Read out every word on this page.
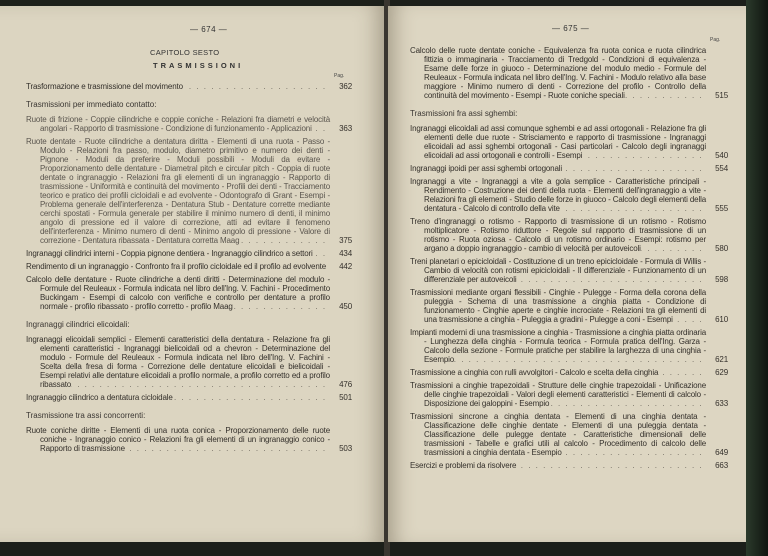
— 674 —
CAPITOLO SESTO
TRASMISSIONI
Pag.
Trasformazione e trasmissione del movimento	362
. . .
Trasmissioni per immediato contatto:
Ruote di frizione - Coppie cilindriche e coppie coniche - Relazioni fra diametri e velocità angolari - Rapporto di trasmissione - Condizione di funzionamento - Applicazioni	363
. . .
Ruote dentate - Ruote cilindriche a dentatura diritta - Elementi di una ruota - Passo - Modulo - Relazioni fra passo, modulo, diametro primitivo e numero dei denti - Pignone - Moduli da preferire - Moduli possibili - Moduli da evitare - Proporzionamento delle dentature - Diametral pitch e circular pitch - Coppia di ruote dentate o ingranaggio - Relazioni fra gli elementi di un ingranaggio - Rapporto di trasmissione - Uniformità e continuità del movimento - Profili dei denti - Tracciamento teorico e pratico dei profili cicloidali e ad evolvente - Odontografo di Grant - Esempi - Problema generale dell'interferenza - Dentatura Stub - Dentature corrette mediante cerchi spostati - Formula generale per stabilire il minimo numero di denti, il minimo angolo di pressione ed il valore di correzione, atti ad evitare il fenomeno dell'interferenza - Minimo numero di denti - Minimo angolo di pressione - Valore di correzione - Dentatura ribassata - Dentatura corretta Maag	375
. . .
Ingranaggi cilindrici interni - Coppia pignone dentiera - Ingranaggio cilindrico a settori	434
. . .
Rendimento di un ingranaggio - Confronto fra il profilo cicloidale ed il profilo ad evolvente	442
. . .
Calcolo delle dentature - Ruote cilindriche a denti diritti - Determinazione del modulo - Formule del Reuleaux - Formula indicata nel libro dell'Ing. V. Fachini - Procedimento Buckingam - Esempi di calcolo con verifiche e controllo per dentature a profilo normale - profilo ribassato - profilo corretto - profilo Maag	450
. . .
Ingranaggi cilindrici elicoidali:
Ingranaggi elicoidali semplici - Elementi caratteristici della dentatura - Relazione fra gli elementi caratteristici - Ingranaggi bielicoidali od a chevron - Determinazione del modulo - Formule del Reuleaux - Formula indicata nel libro dell'Ing. V. Fachini - Scelta della fresa di forma - Correzione delle dentature elicoidali e bielicoidali - Esempi relativi alle dentature elicoidali a profilo normale, a profilo corretto ed a profilo ribassato	476
. . .
Ingranaggio cilindrico a dentatura cicloidale	501
. . .
Trasmissione tra assi concorrenti:
Ruote coniche diritte - Elementi di una ruota conica - Proporzionamento delle ruote coniche - Ingranaggio conico - Relazioni fra gli elementi di un ingranaggio conico - Rapporto di trasmissione	503
. . .
— 675 —
Pag.
Calcolo delle ruote dentate coniche - Equivalenza fra ruota conica e ruota cilindrica fittizia o immaginaria - Tracciamento di Tredgold - Condizioni di equivalenza - Esame delle forze in giuoco - Determinazione del modulo medio - Formule del Reuleaux - Formula indicata nel libro dell'Ing. V. Fachini - Modulo relativo alla base maggiore - Minimo numero di denti - Correzione del profilo - Controllo della continuità del movimento - Esempi - Ruote coniche speciali	515
. . .
Trasmissioni fra assi sghembi:
Ingranaggi elicoidali ad assi comunque sghembi e ad assi ortogonali - Relazione fra gli elementi delle due ruote - Strisciamento e rapporto di trasmissione - Ingranaggi elicoidali ad assi sghembi ortogonali - Casi particolari - Calcolo degli ingranaggi elicoidali ad assi ortogonali e controlli - Esempi	540
. . .
Ingranaggi ipoidi per assi sghembi ortogonali	554
. . .
Ingranaggi a vite - Ingranaggi a vite a gola semplice - Caratteristiche principali - Rendimento - Costruzione dei denti della ruota - Elementi dell'ingranaggio a vite - Relazioni fra gli elementi - Studio delle forze in giuoco - Calcolo degli elementi della dentatura - Calcolo di controllo della vite	555
. . .
Treno d'ingranaggi o rotismo - Rapporto di trasmissione di un rotismo - Rotismo moltiplicatore - Rotismo riduttore - Regole sul rapporto di trasmissione di un rotismo - Ruota oziosa - Calcolo di un rotismo ordinario - Esempi: rotismo per argano a doppio ingranaggio - cambio di velocità per autoveicoli	580
. . .
Treni planetari o epicicloidali - Costituzione di un treno epicicloidale - Formula di Willis - Cambio di velocità con rotismi epicicloidali - Il differenziale - Funzionamento di un differenziale per autoveicoli	598
. . .
Trasmissioni mediante organi flessibili - Cinghie - Pulegge - Forma della corona della puleggia - Schema di una trasmissione a cinghia piatta - Condizione di funzionamento - Cinghie aperte e cinghie incrociate - Relazioni tra gli elementi di una trasmissione a cinghia - Puleggia a gradini - Pulegge a coni - Esempi	610
. . .
Impianti moderni di una trasmissione a cinghia - Trasmissione a cinghia piatta ordinaria - Lunghezza della cinghia - Formula teorica - Formula pratica dell'Ing. Garza - Calcolo della sezione - Formule pratiche per stabilire la larghezza di una cinghia - Esempio	621
. . .
Trasmissione a cinghia con rulli avvolgitori - Calcolo e scelta della cinghia	629
. . .
Trasmissioni a cinghie trapezoidali - Strutture delle cinghie trapezoidali - Unificazione delle cinghie trapezoidali - Valori degli elementi caratteristici - Elementi di calcolo - Disposizione dei galoppini - Esempio	633
. . .
Trasmissioni sincrone a cinghia dentata - Elementi di una cinghia dentata - Classificazione delle cinghie dentate - Elementi di una puleggia dentata - Classificazione delle pulegge dentate - Caratteristiche dimensionali delle trasmissioni - Tabelle e grafici utili al calcolo - Procedimento di calcolo delle trasmissioni a cinghia dentata - Esempio	649
. . .
Esercizi e problemi da risolvere	663
. . .
